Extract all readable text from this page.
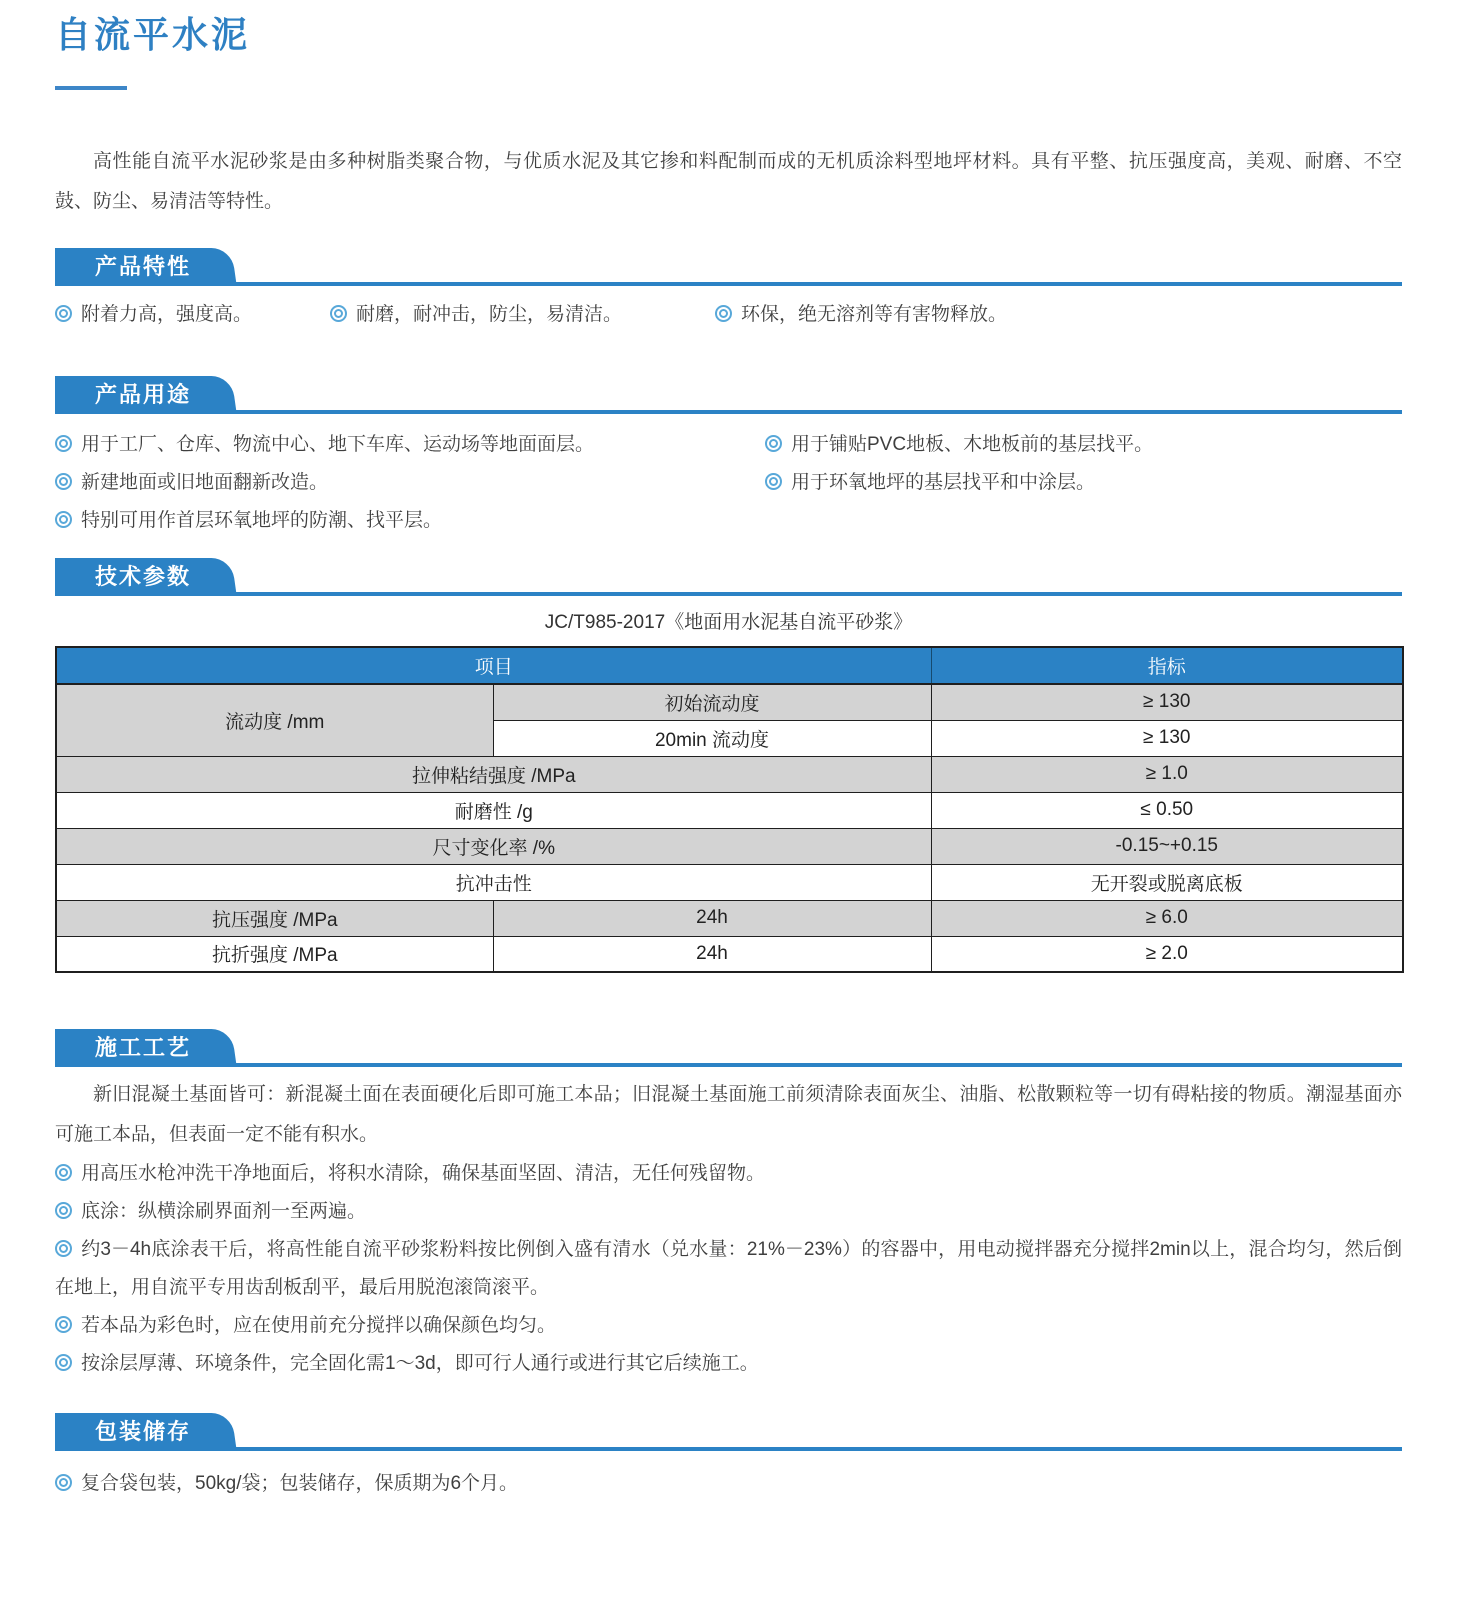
自流平水泥

高性能自流平水泥砂浆是由多种树脂类聚合物，与优质水泥及其它掺和料配制而成的无机质涂料型地坪材料。具有平整、抗压强度高，美观、耐磨、不空鼓、防尘、易清洁等特性。

产品特性
附着力高，强度高。	耐磨，耐冲击，防尘，易清洁。	环保，绝无溶剂等有害物释放。
产品用途

用于工厂、仓库、物流中心、地下车库、运动场等地面面层。

新建地面或旧地面翻新改造。

特别可用作首层环氧地坪的防潮、找平层。

用于铺贴PVC地板、木地板前的基层找平。

用于环氧地坪的基层找平和中涂层。

技术参数

JC/T985-2017《地面用水泥基自流平砂浆》

项目		指标
流动度 /mm	初始流动度	≥ 130
	20min 流动度	≥ 130
拉伸粘结强度 /MPa		≥ 1.0
耐磨性 /g		≤ 0.50
尺寸变化率 /%		-0.15~+0.15
抗冲击性		无开裂或脱离底板
抗压强度 /MPa	24h	≥ 6.0
抗折强度 /MPa	24h	≥ 2.0
施工工艺

新旧混凝土基面皆可：新混凝土面在表面硬化后即可施工本品；旧混凝土基面施工前须清除表面灰尘、油脂、松散颗粒等一切有碍粘接的物质。潮湿基面亦可施工本品，但表面一定不能有积水。

用高压水枪冲洗干净地面后，将积水清除，确保基面坚固、清洁，无任何残留物。

底涂：纵横涂刷界面剂一至两遍。

约3－4h底涂表干后，将高性能自流平砂浆粉料按比例倒入盛有清水（兑水量：21%－23%）的容器中，用电动搅拌器充分搅拌2min以上，混合均匀，然后倒在地上，用自流平专用齿刮板刮平，最后用脱泡滚筒滚平。

若本品为彩色时，应在使用前充分搅拌以确保颜色均匀。

按涂层厚薄、环境条件，完全固化需1～3d，即可行人通行或进行其它后续施工。

包装储存

复合袋包装，50kg/袋；包装储存，保质期为6个月。
